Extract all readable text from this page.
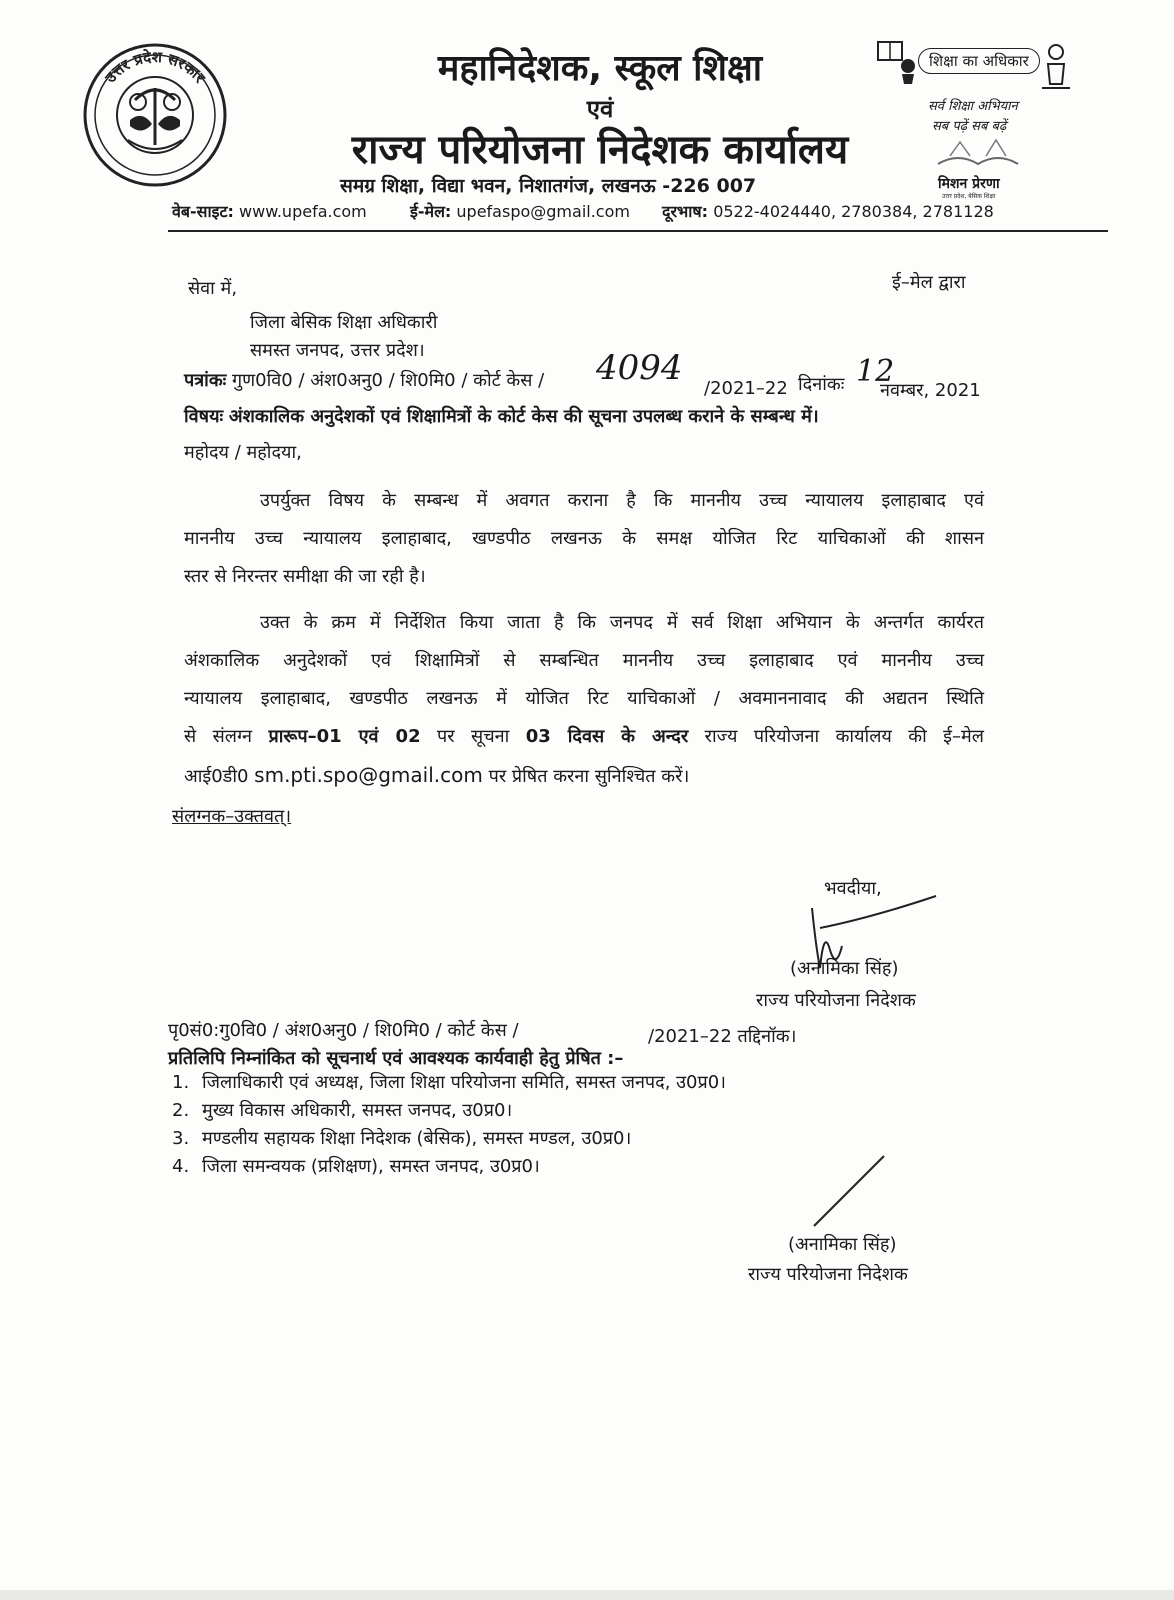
उत्तर प्रदेश सरकार	महानिदेशक, स्कूल शिक्षा
एवं
राज्य परियोजना निदेशक कार्यालय
समग्र शिक्षा, विद्या भवन, निशातगंज, लखनऊ -226 007
शिक्षा का अधिकार
सर्व शिक्षा अभियान
सब पढ़ें सब बढ़ें
मिशन प्रेरणा
उत्तर प्रदेश, बेसिक शिक्षा
वेब-साइट: www.upefa.com	ई-मेल: upefaspo@gmail.com दूरभाष: 0522-4024440, 2780384, 2781128
ई–मेल द्वारा
सेवा में,
जिला बेसिक शिक्षा अधिकारी
समस्त जनपद, उत्तर प्रदेश।
पत्रांकः गुण0वि0 / अंश0अनु0 / शि0मि0 / कोर्ट केस / 4094
/2021–22 दिनांकः 12
नवम्बर, 2021
विषयः अंशकालिक अनुदेशकों एवं शिक्षामित्रों के कोर्ट केस की सूचना उपलब्ध कराने के सम्बन्ध में।
महोदय / महोदया,
उपर्युक्त विषय के सम्बन्ध में अवगत कराना है कि माननीय उच्च न्यायालय इलाहाबाद एवं
माननीय उच्च न्यायालय इलाहाबाद, खण्डपीठ लखनऊ के समक्ष योजित रिट याचिकाओं की शासन
स्तर से निरन्तर समीक्षा की जा रही है।
उक्त के क्रम में निर्देशित किया जाता है कि जनपद में सर्व शिक्षा अभियान के अन्तर्गत कार्यरत
अंशकालिक अनुदेशकों एवं शिक्षामित्रों से सम्बन्धित माननीय उच्च इलाहाबाद एवं माननीय उच्च
न्यायालय इलाहाबाद, खण्डपीठ लखनऊ में योजित रिट याचिकाओं / अवमाननावाद की अद्यतन स्थिति
से संलग्न प्रारूप–01 एवं 02 पर सूचना 03 दिवस के अन्दर राज्य परियोजना कार्यालय की ई–मेल
आई0डी0 sm.pti.spo@gmail.com पर प्रेषित करना सुनिश्चित करें।
संलग्नक–उक्तवत्।
भवदीया,
(अनामिका सिंह)
राज्य परियोजना निदेशक
पृ0सं0:गु0वि0 / अंश0अनु0 / शि0मि0 / कोर्ट केस /	/2021–22 तद्दिनॉक।
प्रतिलिपि निम्नांकित को सूचनार्थ एवं आवश्यक कार्यवाही हेतु प्रेषित :–
1. जिलाधिकारी एवं अध्यक्ष, जिला शिक्षा परियोजना समिति, समस्त जनपद, उ0प्र0।
2. मुख्य विकास अधिकारी, समस्त जनपद, उ0प्र0।
3. मण्डलीय सहायक शिक्षा निदेशक (बेसिक), समस्त मण्डल, उ0प्र0।
4. जिला समन्वयक (प्रशिक्षण), समस्त जनपद, उ0प्र0।
(अनामिका सिंह)
राज्य परियोजना निदेशक
